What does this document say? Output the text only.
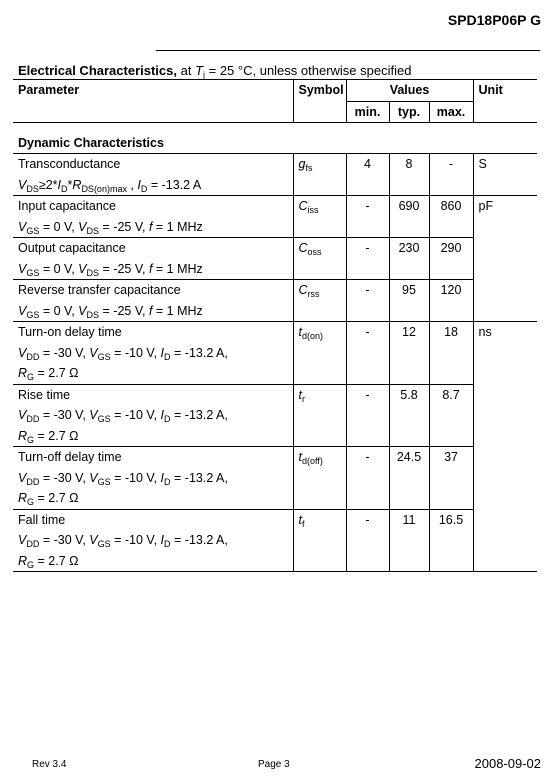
SPD18P06P G
Electrical Characteristics, at $T_j = 25$ °C, unless otherwise specified
Parameter	Symbol	Values			Unit
		min.	typ.	max.	
Dynamic Characteristics					

Transconductance
$V_{DS}\ge 2*I_D*R_{DS(on)max}$ , $I_D = -13.2$ A	$g_{fs}$	4	8	-	S

Input capacitance
$V_{GS} = 0$ V, $V_{DS} = -25$ V, f = 1 MHz	$C_{iss}$	-	690	860	pF

Output capacitance
$V_{GS} = 0$ V, $V_{DS} = -25$ V, f = 1 MHz	$C_{oss}$	-	230	290	

Reverse transfer capacitance
$V_{GS} = 0$ V, $V_{DS} = -25$ V, f = 1 MHz	$C_{rss}$	-	95	120	

Turn-on delay time
$V_{DD} = -30$ V, $V_{GS} = -10$ V, $I_D = -13.2$ A,
$R_G = 2.7$ Ω	$t_{d(on)}$	-	12	18	ns

Rise time
$V_{DD} = -30$ V, $V_{GS} = -10$ V, $I_D = -13.2$ A,
$R_G = 2.7$ Ω	$t_r$	-	5.8	8.7	

Turn-off delay time
$V_{DD} = -30$ V, $V_{GS} = -10$ V, $I_D = -13.2$ A,
$R_G = 2.7$ Ω	$t_{d(off)}$	-	24.5	37	

Fall time
$V_{DD} = -30$ V, $V_{GS} = -10$ V, $I_D = -13.2$ A,
$R_G = 2.7$ Ω	$t_f$	-	11	16.5	
Rev 3.4	Page 3	2008-09-02
